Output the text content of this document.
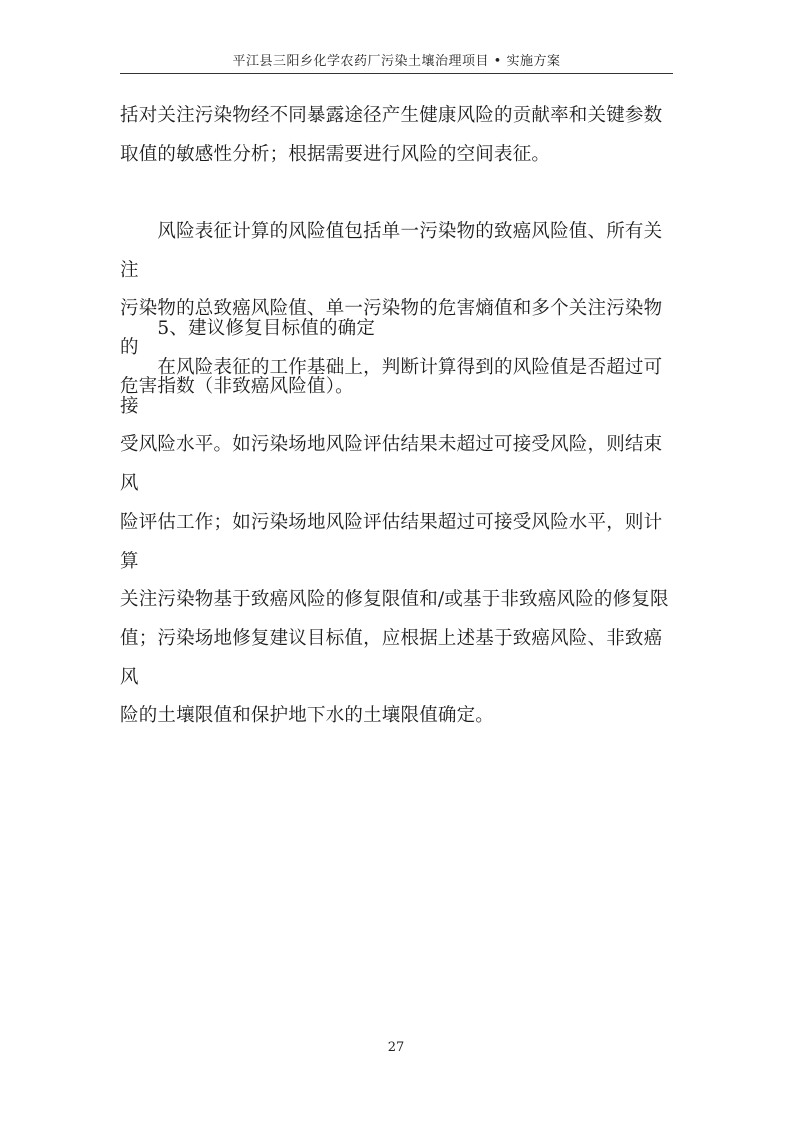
平江县三阳乡化学农药厂污染土壤治理项目 • 实施方案

括对关注污染物经不同暴露途径产生健康风险的贡献率和关键参数
取值的敏感性分析；根据需要进行风险的空间表征。

　　风险表征计算的风险值包括单一污染物的致癌风险值、所有关注
污染物的总致癌风险值、单一污染物的危害熵值和多个关注污染物的
危害指数（非致癌风险值）。

　　5、建议修复目标值的确定

　　在风险表征的工作基础上，判断计算得到的风险值是否超过可接
受风险水平。如污染场地风险评估结果未超过可接受风险，则结束风
险评估工作；如污染场地风险评估结果超过可接受风险水平，则计算
关注污染物基于致癌风险的修复限值和/或基于非致癌风险的修复限
值；污染场地修复建议目标值，应根据上述基于致癌风险、非致癌风
险的土壤限值和保护地下水的土壤限值确定。

27
